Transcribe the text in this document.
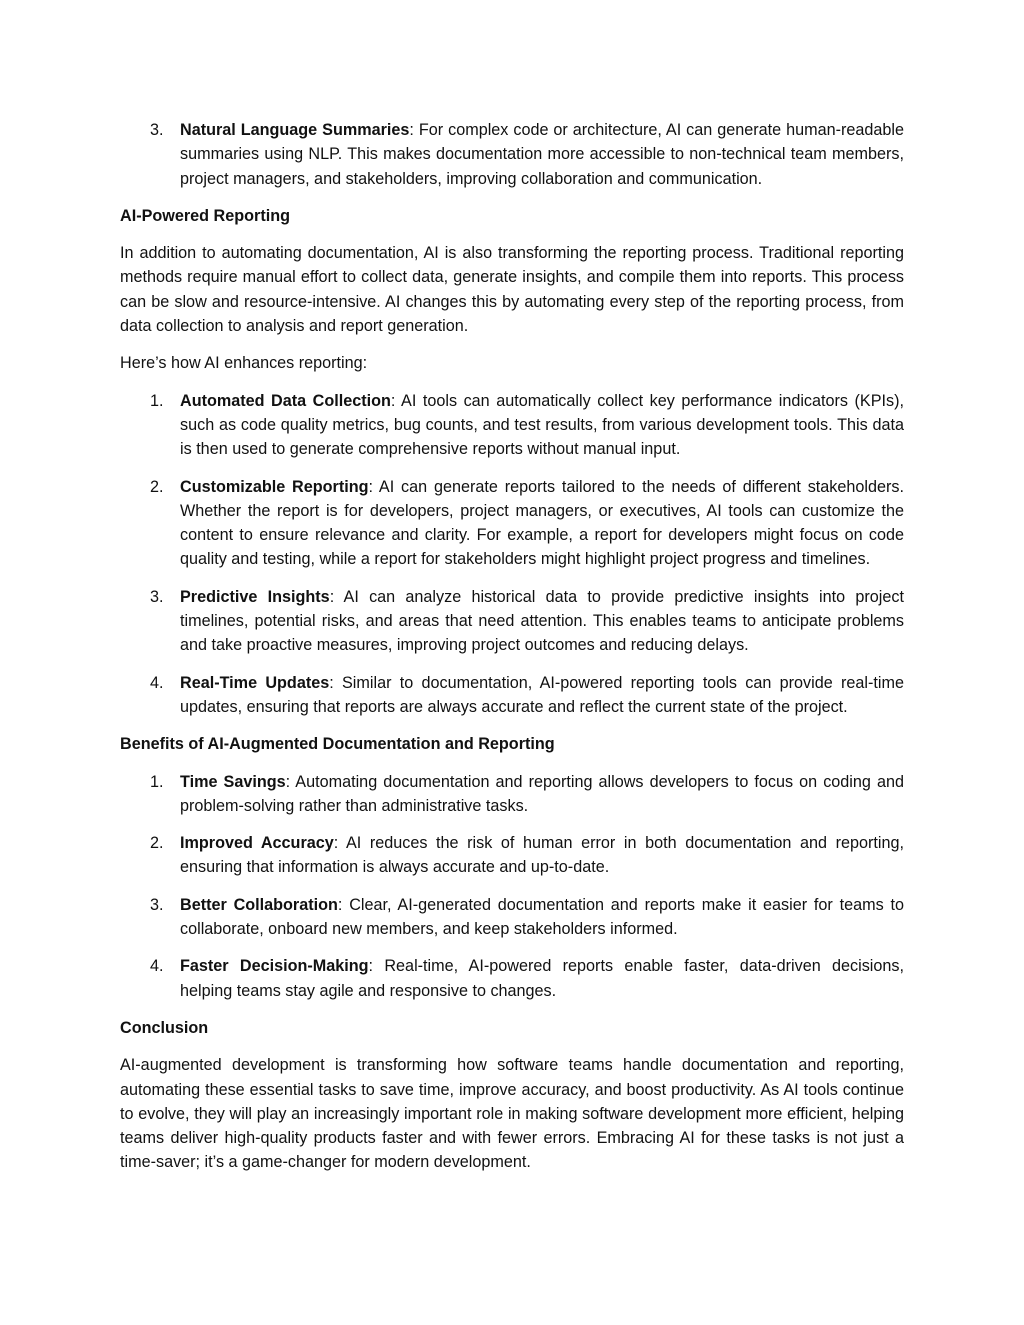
3. Natural Language Summaries: For complex code or architecture, AI can generate human-readable summaries using NLP. This makes documentation more accessible to non-technical team members, project managers, and stakeholders, improving collaboration and communication.
AI-Powered Reporting

In addition to automating documentation, AI is also transforming the reporting process. Traditional reporting methods require manual effort to collect data, generate insights, and compile them into reports. This process can be slow and resource-intensive. AI changes this by automating every step of the reporting process, from data collection to analysis and report generation.

Here’s how AI enhances reporting:

1. Automated Data Collection: AI tools can automatically collect key performance indicators (KPIs), such as code quality metrics, bug counts, and test results, from various development tools. This data is then used to generate comprehensive reports without manual input.
2. Customizable Reporting: AI can generate reports tailored to the needs of different stakeholders. Whether the report is for developers, project managers, or executives, AI tools can customize the content to ensure relevance and clarity. For example, a report for developers might focus on code quality and testing, while a report for stakeholders might highlight project progress and timelines.
3. Predictive Insights: AI can analyze historical data to provide predictive insights into project timelines, potential risks, and areas that need attention. This enables teams to anticipate problems and take proactive measures, improving project outcomes and reducing delays.
4. Real-Time Updates: Similar to documentation, AI-powered reporting tools can provide real-time updates, ensuring that reports are always accurate and reflect the current state of the project.
Benefits of AI-Augmented Documentation and Reporting
1. Time Savings: Automating documentation and reporting allows developers to focus on coding and problem-solving rather than administrative tasks.
2. Improved Accuracy: AI reduces the risk of human error in both documentation and reporting, ensuring that information is always accurate and up-to-date.
3. Better Collaboration: Clear, AI-generated documentation and reports make it easier for teams to collaborate, onboard new members, and keep stakeholders informed.
4. Faster Decision-Making: Real-time, AI-powered reports enable faster, data-driven decisions, helping teams stay agile and responsive to changes.
Conclusion

AI-augmented development is transforming how software teams handle documentation and reporting, automating these essential tasks to save time, improve accuracy, and boost productivity. As AI tools continue to evolve, they will play an increasingly important role in making software development more efficient, helping teams deliver high-quality products faster and with fewer errors. Embracing AI for these tasks is not just a time-saver; it’s a game-changer for modern development.
